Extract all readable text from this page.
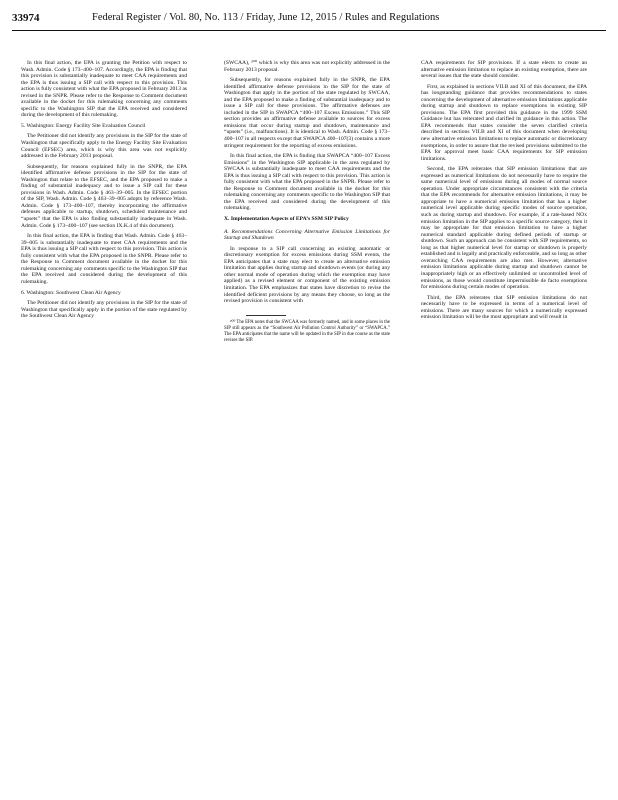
33974	Federal Register / Vol. 80, No. 113 / Friday, June 12, 2015 / Rules and Regulations

In this final action, the EPA is granting the Petition with respect to Wash. Admin. Code § 173–400–107. Accordingly, the EPA is finding that this provision is substantially inadequate to meet CAA requirements and the EPA is thus issuing a SIP call with respect to this provision. This action is fully consistent with what the EPA proposed in February 2013 as revised in the SNPR. Please refer to the Response to Comment document available in the docket for this rulemaking concerning any comments specific to the Washington SIP that the EPA received and considered during the development of this rulemaking.

5. Washington: Energy Facility Site Evaluation Council

The Petitioner did not identify any provisions in the SIP for the state of Washington that specifically apply to the Energy Facility Site Evaluation Council (EFSEC) area, which is why this area was not explicitly addressed in the February 2013 proposal.

Subsequently, for reasons explained fully in the SNPR, the EPA identified affirmative defense provisions in the SIP for the state of Washington that relate to the EFSEC, and the EPA proposed to make a finding of substantial inadequacy and to issue a SIP call for these provisions in Wash. Admin. Code § 463–39–005. In the EFSEC portion of the SIP, Wash. Admin. Code § 463–39–005 adopts by reference Wash. Admin. Code § 173–400–107, thereby incorporating the affirmative defenses applicable to startup, shutdown, scheduled maintenance and “upsets” that the EPA is also finding substantially inadequate in Wash. Admin. Code § 173–400–107 (see section IX.K.4 of this document).

In this final action, the EPA is finding that Wash. Admin. Code § 463–39–005 is substantially inadequate to meet CAA requirements and the EPA is thus issuing a SIP call with respect to this provision. This action is fully consistent with what the EPA proposed in the SNPR. Please refer to the Response to Comment document available in the docket for this rulemaking concerning any comments specific to the Washington SIP that the EPA received and considered during the development of this rulemaking.

6. Washington: Southwest Clean Air Agency

The Petitioner did not identify any provisions in the SIP for the state of Washington that specifically apply in the portion of the state regulated by the Southwest Clean Air Agency

(SWCAA), ²⁰⁰ which is why this area was not explicitly addressed in the February 2013 proposal.

Subsequently, for reasons explained fully in the SNPR, the EPA identified affirmative defense provisions in the SIP for the state of Washington that apply in the portion of the state regulated by SWCAA, and the EPA proposed to make a finding of substantial inadequacy and to issue a SIP call for these provisions. The affirmative defenses are included in the SIP in SWAPCA “400–107 Excess Emissions.” This SIP section provides an affirmative defense available to sources for excess emissions that occur during startup and shutdown, maintenance and “upsets” (i.e., malfunctions). It is identical to Wash. Admin. Code § 173–400–107 in all respects except that SWAPCA 400–107(3) contains a more stringent requirement for the reporting of excess emissions.

In this final action, the EPA is finding that SWAPCA “400–107 Excess Emissions” in the Washington SIP applicable in the area regulated by SWCAA is substantially inadequate to meet CAA requirements and the EPA is thus issuing a SIP call with respect to this provision. This action is fully consistent with what the EPA proposed in the SNPR. Please refer to the Response to Comment document available in the docket for this rulemaking concerning any comments specific to the Washington SIP that the EPA received and considered during the development of this rulemaking.

X. Implementation Aspects of EPA’s SSM SIP Policy

A. Recommendations Concerning Alternative Emission Limitations for Startup and Shutdown

In response to a SIP call concerning an existing automatic or discretionary exemption for excess emissions during SSM events, the EPA anticipates that a state may elect to create an alternative emission limitation that applies during startup and shutdown events (or during any other normal mode of operation during which the exemption may have applied) as a revised element or component of the existing emission limitation. The EPA emphasizes that states have discretion to revise the identified deficient provisions by any means they choose, so long as the revised provision is consistent with

²⁰⁰ The EPA notes that the SWCAA was formerly named, and in some places in the SIP still appears as the “Southwest Air Pollution Control Authority” or “SWAPCA.” The EPA anticipates that the name will be updated in the SIP in due course as the state revises the SIP.

CAA requirements for SIP provisions. If a state elects to create an alternative emission limitation to replace an existing exemption, there are several issues that the state should consider.

First, as explained in sections VII.B and XI of this document, the EPA has longstanding guidance that provides recommendations to states concerning the development of alternative emission limitations applicable during startup and shutdown to replace exemptions in existing SIP provisions. The EPA first provided this guidance in the 1999 SSM Guidance but has reiterated and clarified its guidance in this action. The EPA recommends that states consider the seven clarified criteria described in sections VII.B and XI of this document when developing new alternative emission limitations to replace automatic or discretionary exemptions, in order to assure that the revised provisions submitted to the EPA for approval meet basic CAA requirements for SIP emission limitations.

Second, the EPA reiterates that SIP emission limitations that are expressed as numerical limitations do not necessarily have to require the same numerical level of emissions during all modes of normal source operation. Under appropriate circumstances consistent with the criteria that the EPA recommends for alternative emission limitations, it may be appropriate to have a numerical emission limitation that has a higher numerical level applicable during specific modes of source operation, such as during startup and shutdown. For example, if a rate-based NOx emission limitation in the SIP applies to a specific source category, then it may be appropriate for that emission limitation to have a higher numerical standard applicable during defined periods of startup or shutdown. Such an approach can be consistent with SIP requirements, so long as that higher numerical level for startup or shutdown is properly established and is legally and practically enforceable, and so long as other overarching CAA requirements are also met. However, alternative emission limitations applicable during startup and shutdown cannot be inappropriately high or an effectively unlimited or uncontrolled level of emissions, as those would constitute impermissible de facto exemptions for emissions during certain modes of operation.

Third, the EPA reiterates that SIP emission limitations do not necessarily have to be expressed in terms of a numerical level of emissions. There are many sources for which a numerically expressed emission limitation will be the most appropriate and will result in
